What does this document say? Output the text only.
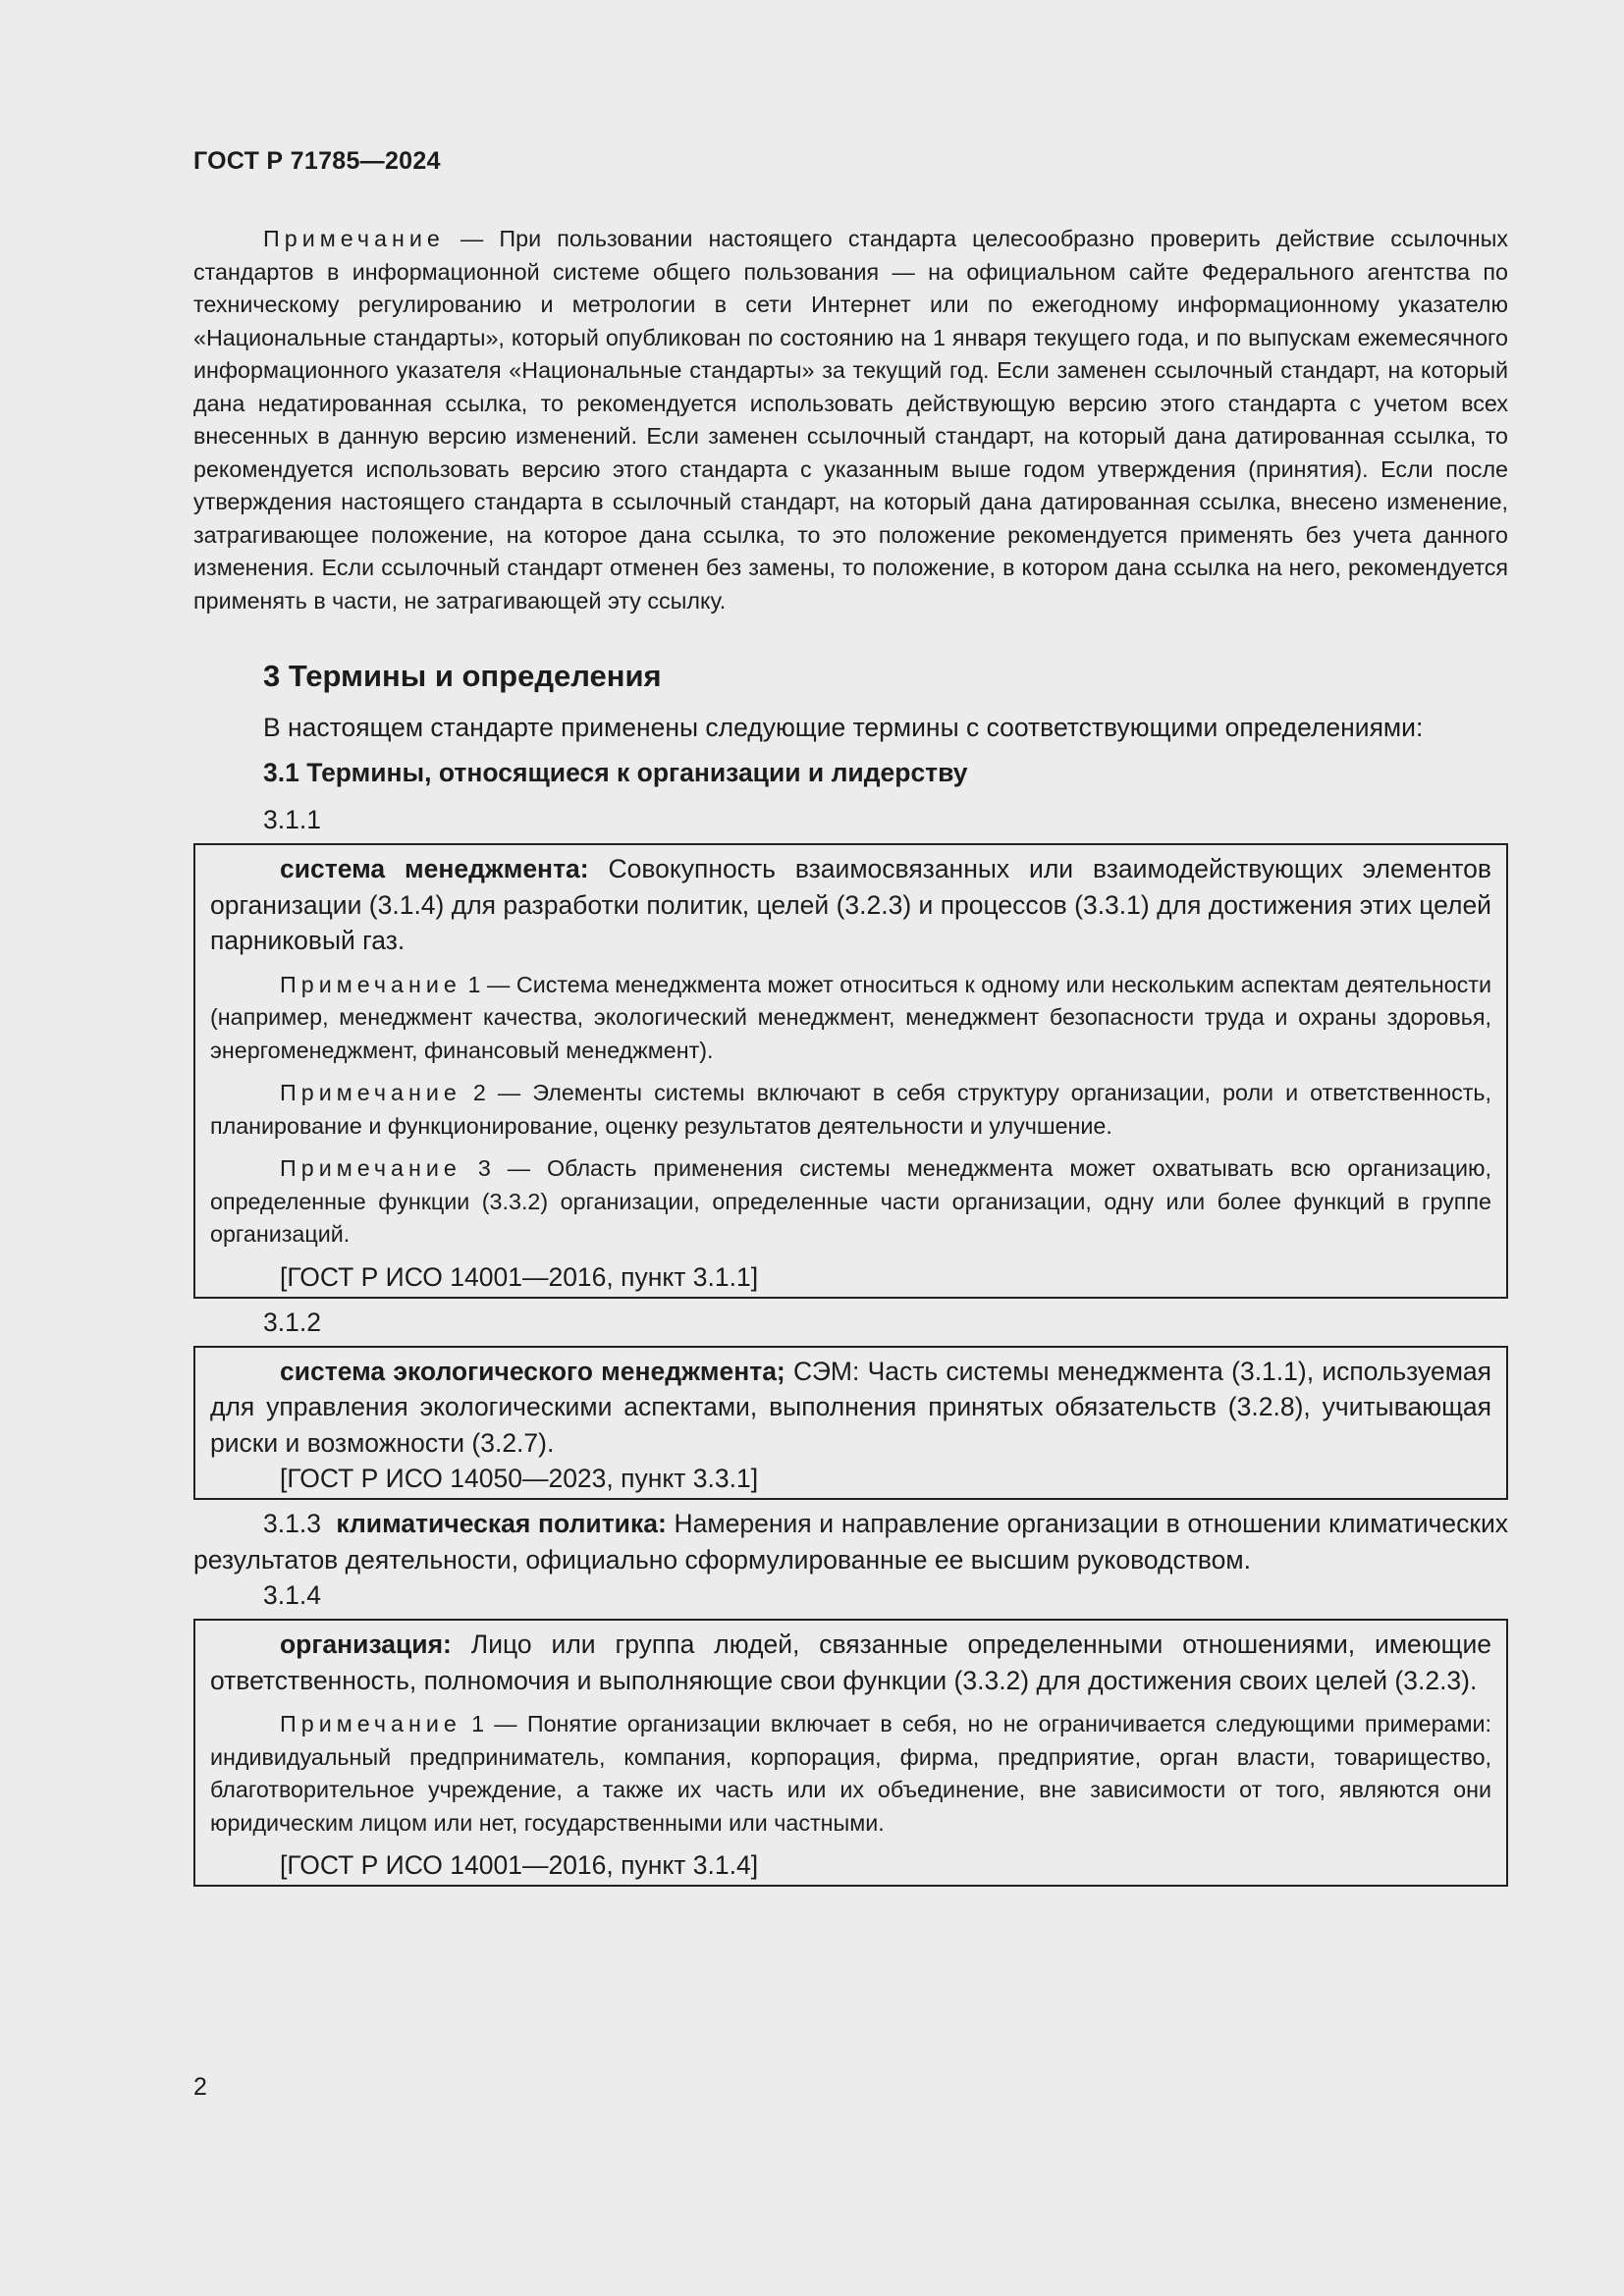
ГОСТ Р 71785—2024

Примечание — При пользовании настоящего стандарта целесообразно проверить действие ссылочных стандартов в информационной системе общего пользования — на официальном сайте Федерального агентства по техническому регулированию и метрологии в сети Интернет или по ежегодному информационному указателю «Национальные стандарты», который опубликован по состоянию на 1 января текущего года, и по выпускам ежемесячного информационного указателя «Национальные стандарты» за текущий год. Если заменен ссылочный стандарт, на который дана недатированная ссылка, то рекомендуется использовать действующую версию этого стандарта с учетом всех внесенных в данную версию изменений. Если заменен ссылочный стандарт, на который дана датированная ссылка, то рекомендуется использовать версию этого стандарта с указанным выше годом утверждения (принятия). Если после утверждения настоящего стандарта в ссылочный стандарт, на который дана датированная ссылка, внесено изменение, затрагивающее положение, на которое дана ссылка, то это положение рекомендуется применять без учета данного изменения. Если ссылочный стандарт отменен без замены, то положение, в котором дана ссылка на него, рекомендуется применять в части, не затрагивающей эту ссылку.

3 Термины и определения

В настоящем стандарте применены следующие термины с соответствующими определениями:

3.1 Термины, относящиеся к организации и лидерству

3.1.1

система менеджмента: Совокупность взаимосвязанных или взаимодействующих элементов организации (3.1.4) для разработки политик, целей (3.2.3) и процессов (3.3.1) для достижения этих целей парниковый газ.

Примечание 1 — Система менеджмента может относиться к одному или нескольким аспектам деятельности (например, менеджмент качества, экологический менеджмент, менеджмент безопасности труда и охраны здоровья, энергоменеджмент, финансовый менеджмент).

Примечание 2 — Элементы системы включают в себя структуру организации, роли и ответственность, планирование и функционирование, оценку результатов деятельности и улучшение.

Примечание 3 — Область применения системы менеджмента может охватывать всю организацию, определенные функции (3.3.2) организации, определенные части организации, одну или более функций в группе организаций.

[ГОСТ Р ИСО 14001—2016, пункт 3.1.1]

3.1.2

система экологического менеджмента; СЭМ: Часть системы менеджмента (3.1.1), используемая для управления экологическими аспектами, выполнения принятых обязательств (3.2.8), учитывающая риски и возможности (3.2.7).

[ГОСТ Р ИСО 14050—2023, пункт 3.3.1]

3.1.3 климатическая политика: Намерения и направление организации в отношении климатических результатов деятельности, официально сформулированные ее высшим руководством.

3.1.4

организация: Лицо или группа людей, связанные определенными отношениями, имеющие ответственность, полномочия и выполняющие свои функции (3.3.2) для достижения своих целей (3.2.3).

Примечание 1 — Понятие организации включает в себя, но не ограничивается следующими примерами: индивидуальный предприниматель, компания, корпорация, фирма, предприятие, орган власти, товарищество, благотворительное учреждение, а также их часть или их объединение, вне зависимости от того, являются они юридическим лицом или нет, государственными или частными.

[ГОСТ Р ИСО 14001—2016, пункт 3.1.4]

2
